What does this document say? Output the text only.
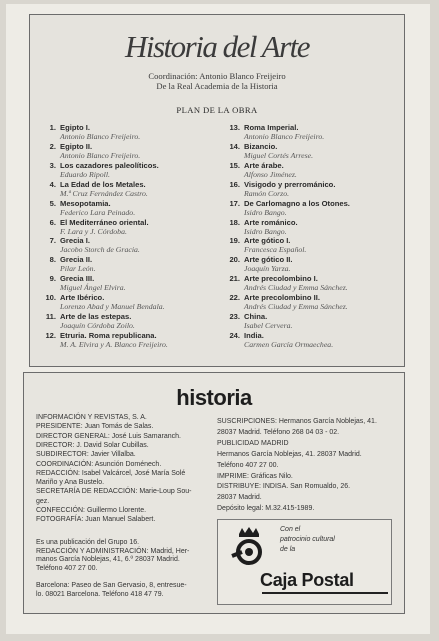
Historia del Arte
Coordinación: Antonio Blanco Freijeiro
De la Real Academia de la Historia
PLAN DE LA OBRA
1. Egipto I.
Antonio Blanco Freijeiro.
2. Egipto II.
Antonio Blanco Freijeiro.
3. Los cazadores paleolíticos.
Eduardo Ripoll.
4. La Edad de los Metales.
M.ª Cruz Fernández Castro.
5. Mesopotamia.
Federico Lara Peinado.
6. El Mediterráneo oriental.
F. Lara y J. Córdoba.
7. Grecia I.
Jacobo Storch de Gracia.
8. Grecia II.
Pilar León.
9. Grecia III.
Miguel Ángel Elvira.
10. Arte Ibérico.
Lorenzo Abad y Manuel Bendala.
11. Arte de las estepas.
Joaquín Córdoba Zoilo.
12. Etruria. Roma republicana.
M. A. Elvira y A. Blanco Freijeiro.
13. Roma Imperial.
Antonio Blanco Freijeiro.
14. Bizancio.
Miguel Cortés Arrese.
15. Arte árabe.
Alfonso Jiménez.
16. Visigodo y prerrománico.
Ramón Corzo.
17. De Carlomagno a los Otones.
Isidro Bango.
18. Arte románico.
Isidro Bango.
19. Arte gótico I.
Francesca Español.
20. Arte gótico II.
Joaquín Yarza.
21. Arte precolombino I.
Andrés Ciudad y Emma Sánchez.
22. Arte precolombino II.
Andrés Ciudad y Emma Sánchez.
23. China.
Isabel Cervera.
24. India.
Carmen García Ormaechea.
historia
INFORMACIÓN Y REVISTAS, S. A.
PRESIDENTE: Juan Tomás de Salas.
DIRECTOR GENERAL: José Luis Samaranch.
DIRECTOR: J. David Solar Cubillas.
SUBDIRECTOR: Javier Villalba.
COORDINACIÓN: Asunción Doménech.
REDACCIÓN: Isabel Valcárcel, José María Solé
Mariño y Ana Bustelo.
SECRETARÍA DE REDACCIÓN: Marie-Loup Sou-
gez.
CONFECCIÓN: Guillermo Llorente.
FOTOGRAFÍA: Juan Manuel Salabert.
Es una publicación del Grupo 16.
REDACCIÓN Y ADMINISTRACIÓN: Madrid, Her-
manos García Noblejas, 41, 6.º 28037 Madrid.
Teléfono 407 27 00.
Barcelona: Paseo de San Gervasio, 8, entresue-
lo. 08021 Barcelona. Teléfono 418 47 79.
SUSCRIPCIONES: Hermanos García Noblejas, 41.
28037 Madrid. Teléfono 268 04 03 - 02.
PUBLICIDAD MADRID
Hermanos García Noblejas, 41. 28037 Madrid.
Teléfono 407 27 00.
IMPRIME: Gráficas Nilo.
DISTRIBUYE: INDISA. San Romualdo, 26.
28037 Madrid.
Depósito legal: M.32.415-1989.
Con el
patrocinio cultural
de la
Caja Postal
